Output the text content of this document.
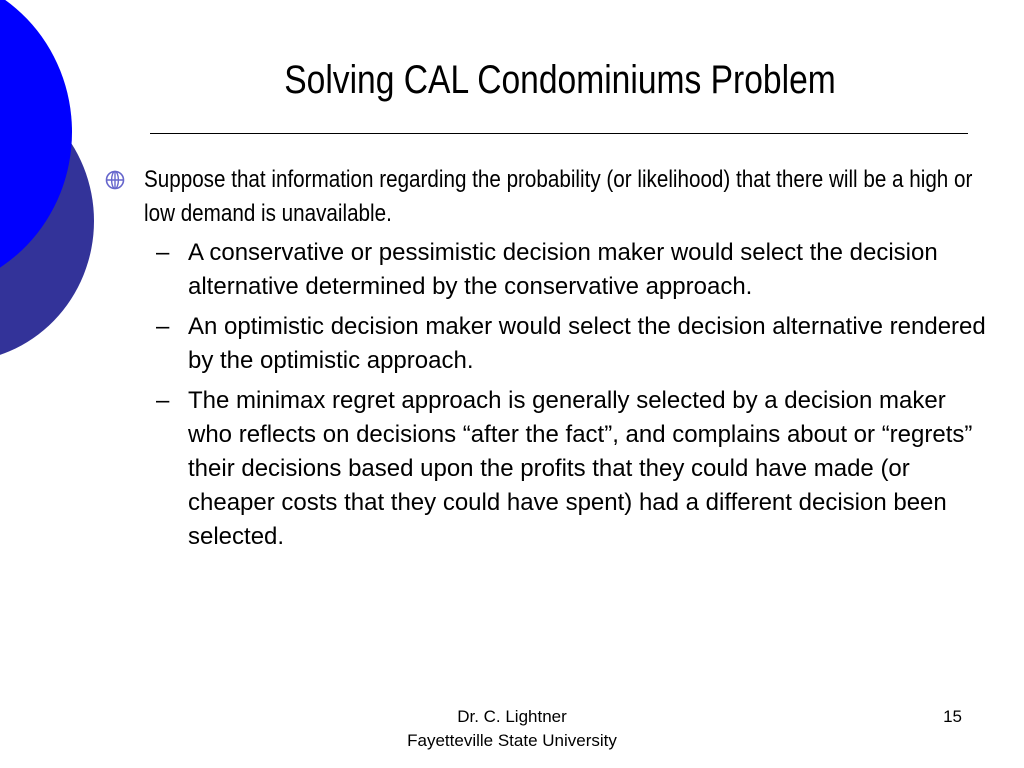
Solving CAL Condominiums Problem
Suppose that information regarding the probability (or likelihood) that there will be a high or low demand is unavailable.
– A conservative or pessimistic decision maker would select the decision alternative determined by the conservative approach.
– An optimistic decision maker would select the decision alternative rendered by the optimistic approach.
– The minimax regret approach is generally selected by a decision maker who reflects on decisions “after the fact”, and complains about or “regrets” their decisions based upon the profits that they could have made (or cheaper costs that they could have spent) had a different decision been selected.
Dr. C. Lightner
Fayetteville State University
15
